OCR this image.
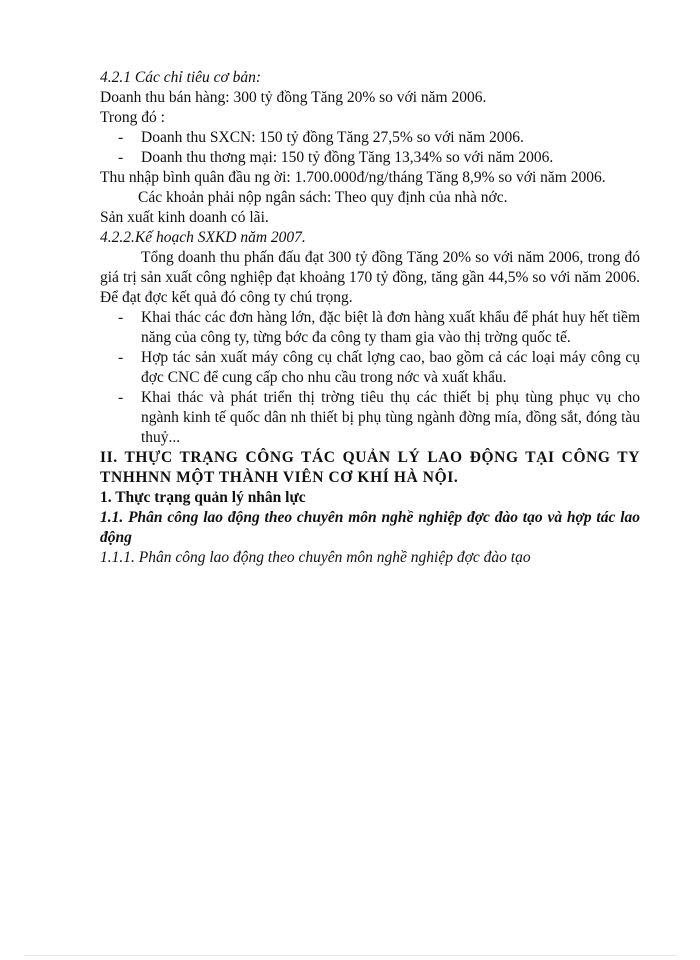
4.2.1 Các chỉ tiêu cơ bản:

Doanh thu bán hàng: 300 tỷ đồng Tăng 20% so với năm 2006.

Trong đó :

- Doanh thu SXCN: 150 tỷ đồng Tăng 27,5% so với năm 2006.
- Doanh thu thơng mại: 150 tỷ đồng Tăng 13,34% so với năm 2006.

Thu nhập bình quân đầu ng ời: 1.700.000đ/ng/tháng Tăng 8,9% so với năm 2006.

Các khoản phải nộp ngân sách: Theo quy định của nhà nớc.

Sản xuất kinh doanh có lãi.

4.2.2.Kế hoạch SXKD năm 2007.

Tổng doanh thu phấn đấu đạt 300 tỷ đồng Tăng 20% so với năm 2006, trong đó giá trị sản xuất công nghiệp đạt khoảng 170 tỷ đồng, tăng gần 44,5% so với năm 2006. Để đạt đợc kết quả đó công ty chú trọng.

- Khai thác các đơn hàng lớn, đặc biệt là đơn hàng xuất khẩu để phát huy hết tiềm năng của công ty, từng bớc đa công ty tham gia vào thị trờng quốc tế.
- Hợp tác sản xuất máy công cụ chất lợng cao, bao gồm cả các loại máy công cụ đợc CNC để cung cấp cho nhu cầu trong nớc và xuất khẩu.
- Khai thác và phát triển thị trờng tiêu thụ các thiết bị phụ tùng phục vụ cho ngành kinh tế quốc dân nh thiết bị phụ tùng ngành đờng mía, đồng sắt, đóng tàu thuỷ...

II. THỰC TRẠNG CÔNG TÁC QUẢN LÝ LAO ĐỘNG TẠI CÔNG TY TNHHNN MỘT THÀNH VIÊN CƠ KHÍ HÀ NỘI.

1. Thực trạng quản lý nhân lực

1.1. Phân công lao động theo chuyên môn nghề nghiệp đợc đào tạo và hợp tác lao động

1.1.1. Phân công lao động theo chuyên môn nghề nghiệp đợc đào tạo
